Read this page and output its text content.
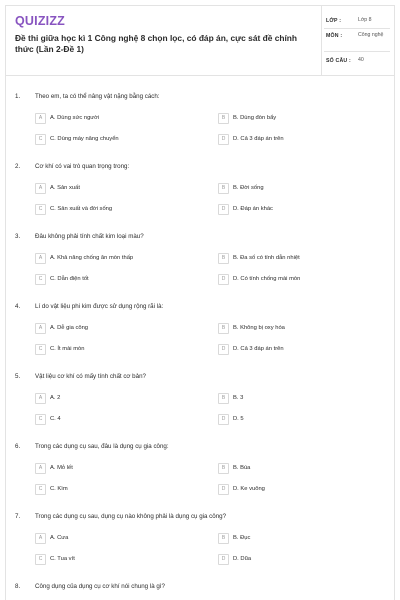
QUIZIZZ
Đề thi giữa học kì 1 Công nghệ 8 chọn lọc, có đáp án, cực sát đề chính thức (Lần 2-Đề 1)
LỚP :	Lớp 8
MÔN :	Công nghệ
SỐ CÂU : 40
1. Theo em, ta có thể nâng vật nặng bằng cách:
A	A. Dùng sức người	B	B. Dùng đòn bẩy
C	C. Dùng máy nâng chuyển	D	D. Cả 3 đáp án trên
2. Cơ khí có vai trò quan trọng trong:
A	A. Sản xuất	B	B. Đời sống
C	C. Sản xuất và đời sống	D	D. Đáp án khác
3. Đâu không phải tính chất kim loại màu?
A	A. Khả năng chống ăn mòn thấp	B	B. Đa số có tính dẫn nhiệt
C	C. Dẫn điện tốt	D	D. Có tính chống mài mòn
4. Lí do vật liệu phi kim được sử dụng rộng rãi là:
A	A. Dễ gia công	B	B. Không bị oxy hóa
C	C. Ít mài mòn	D	D. Cả 3 đáp án trên
5. Vật liệu cơ khí có mấy tính chất cơ bản?
A	A. 2	B	B. 3
C	C. 4	D	D. 5
6. Trong các dụng cụ sau, đâu là dụng cụ gia công:
A	A. Mỏ lết	B	B. Búa
C	C. Kìm	D	D. Ke vuông
7. Trong các dụng cụ sau, dụng cụ nào không phải là dụng cụ gia công?
A	A. Cưa	B	B. Đục
C	C. Tua vít	D	D. Dũa
8. Công dụng của dụng cụ cơ khí nói chung là gì?
